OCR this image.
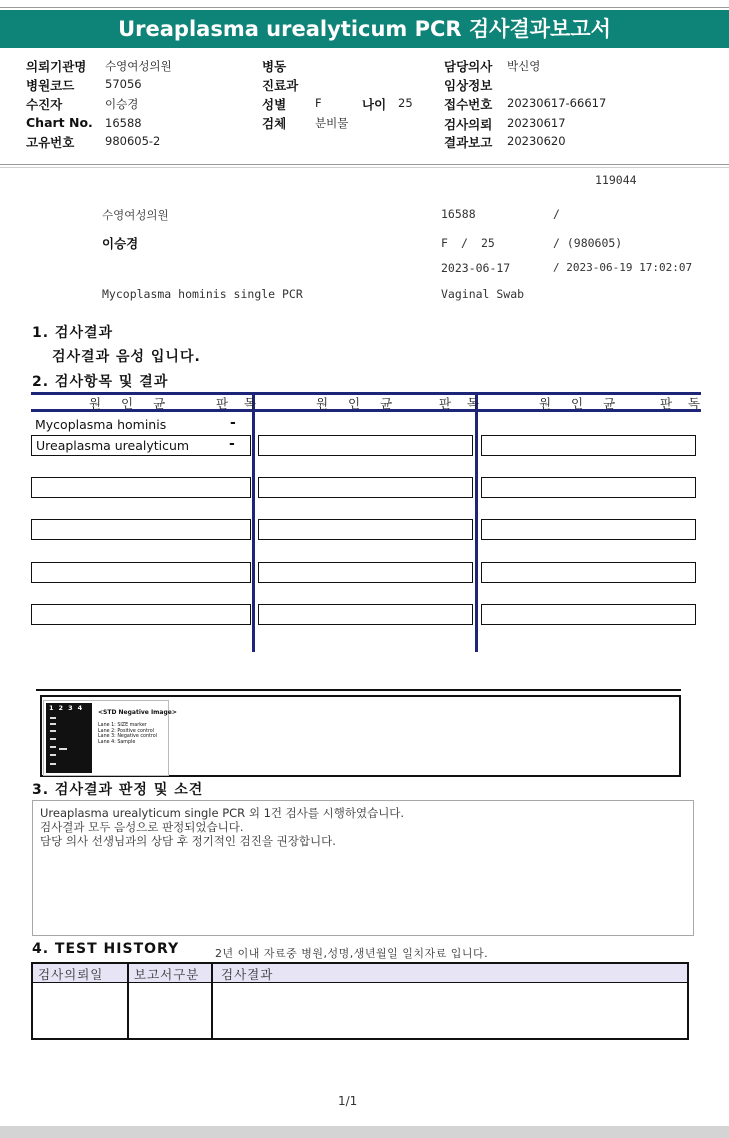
Ureaplasma urealyticum PCR 검사결과보고서
의뢰기관명 수영여성의원
병원코드	57056
수진자	이승경
Chart No. 16588
고유번호	980605-2
병동
진료과
성별	F	나이 25
검체	분비물
담당의사 박신영
임상정보
접수번호 20230617-66617
검사의뢰 20230617
결과보고 20230620
119044
수영여성의원	16588	/
이승경	F / 25	/ (980605)
2023-06-17	/ 2023-06-19 17:02:07
Mycoplasma hominis single PCR	Vaginal Swab
1. 검사결과
검사결과 음성 입니다.
2. 검사항목 및 결과
원 인 균	판 독	원 인 균	판 독	원 인 균	판 독
Mycoplasma hominis	-
Ureaplasma urealyticum	-
1234
<STD Negative Image>
Lane 1: SIZE marker
Lane 2: Positive control
Lane 3: Negative control
Lane 4: Sample
3. 검사결과 판정 및 소견
Ureaplasma urealyticum single PCR 외 1건 검사를 시행하였습니다.
검사결과 모두 음성으로 판정되었습니다.
담당 의사 선생님과의 상담 후 정기적인 검진을 권장합니다.
4. TEST HISTORY	2년 이내 자료중 병원,성명,생년월일 일치자료 입니다.
검사의뢰일 보고서구분 검사결과
1/1
